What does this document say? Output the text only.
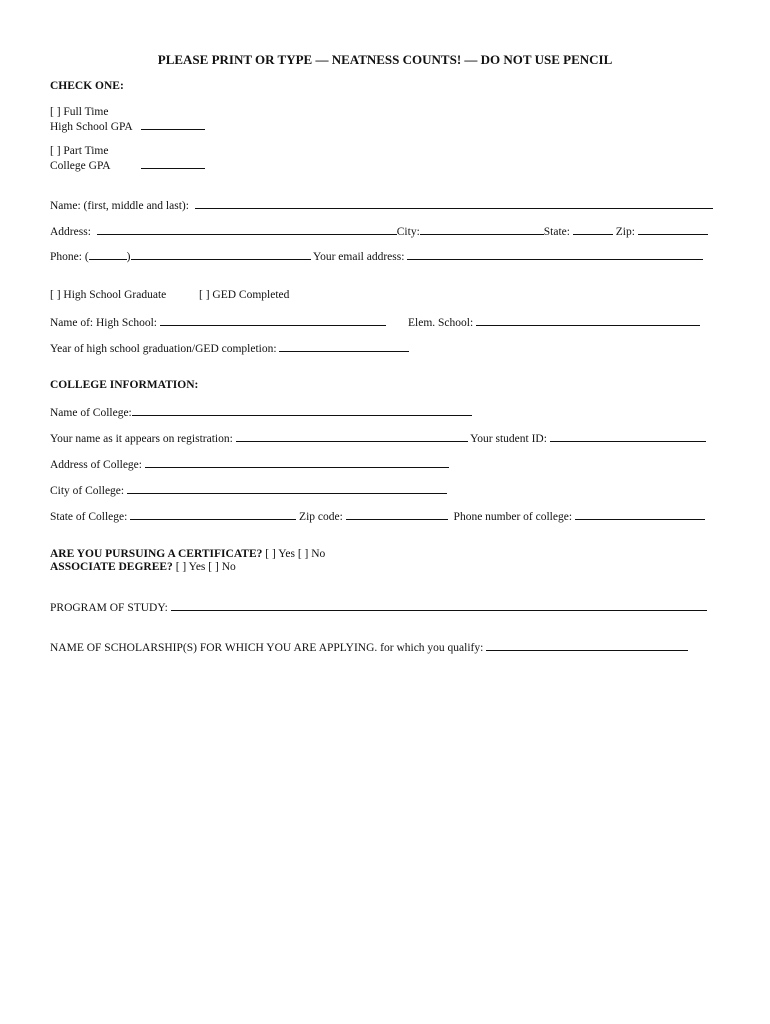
PLEASE PRINT OR TYPE — NEATNESS COUNTS! — DO NOT USE PENCIL
CHECK ONE:
[ ] Full Time
High School GPA
[ ] Part Time
College GPA
Name: (first, middle and last):
Address:	City:	State:	Zip:
Phone: (	)	Your email address:
[ ] High School Graduate	[ ] GED Completed
Name of: High School:	Elem. School:
Year of high school graduation/GED completion:
COLLEGE INFORMATION:
Name of College:
Your name as it appears on registration:	Your student ID:
Address of College:
City of College:
State of College:	Zip code:	Phone number of college:
ARE YOU PURSUING A CERTIFICATE? [ ] Yes [ ] No
ASSOCIATE DEGREE? [ ] Yes [ ] No
PROGRAM OF STUDY:
NAME OF SCHOLARSHIP(S) FOR WHICH YOU ARE APPLYING. for which you qualify:
